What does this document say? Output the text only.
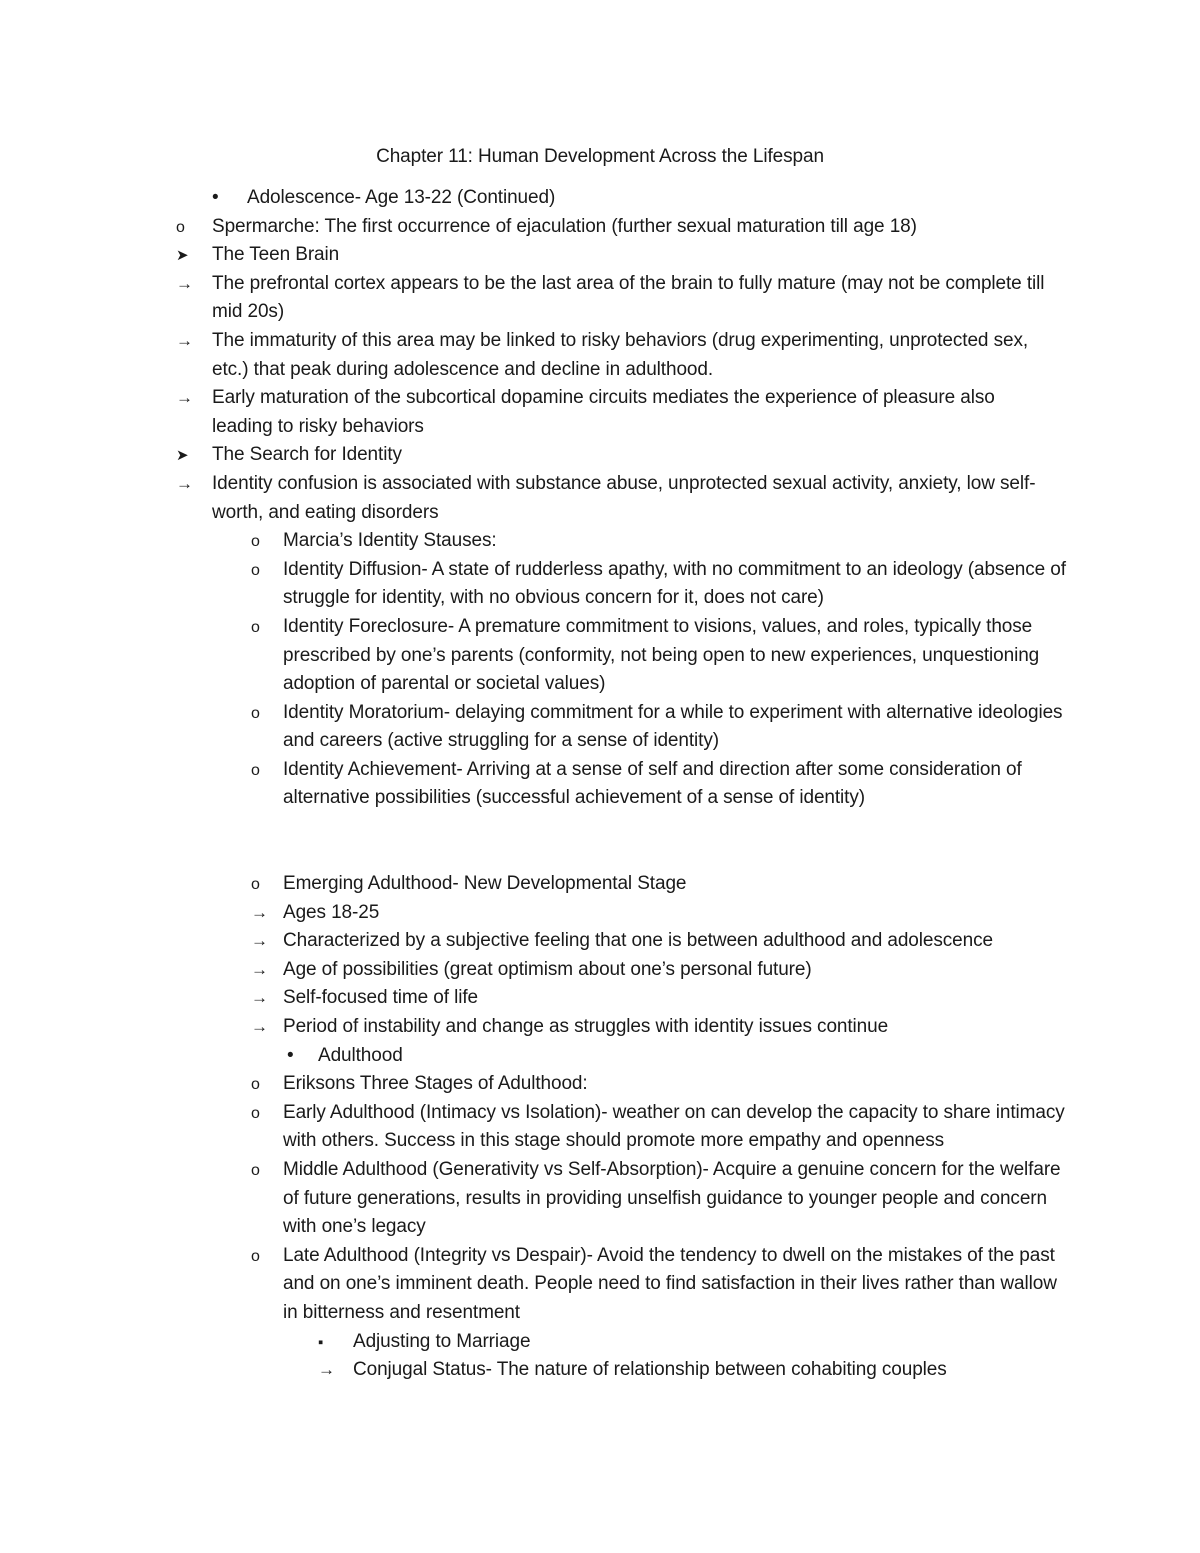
Chapter 11: Human Development Across the Lifespan
•
Adolescence- Age 13-22 (Continued)
o
Spermarche: The first occurrence of ejaculation (further sexual maturation till age 18)
➤
The Teen Brain
→
The prefrontal cortex appears to be the last area of the brain to fully mature (may not be complete till mid 20s)
→
The immaturity of this area may be linked to risky behaviors (drug experimenting, unprotected sex, etc.) that peak during adolescence and decline in adulthood.
→
Early maturation of the subcortical dopamine circuits mediates the experience of pleasure also leading to risky behaviors
➤
The Search for Identity
→
Identity confusion is associated with substance abuse, unprotected sexual activity, anxiety, low self-worth, and eating disorders
o
Marcia’s Identity Stauses:
o
Identity Diffusion- A state of rudderless apathy, with no commitment to an ideology (absence of struggle for identity, with no obvious concern for it, does not care)
o
Identity Foreclosure- A premature commitment to visions, values, and roles, typically those prescribed by one’s parents (conformity, not being open to new experiences, unquestioning adoption of parental or societal values)
o
Identity Moratorium- delaying commitment for a while to experiment with alternative ideologies and careers (active struggling for a sense of identity)
o
Identity Achievement- Arriving at a sense of self and direction after some consideration of alternative possibilities (successful achievement of a sense of identity)
o
Emerging Adulthood- New Developmental Stage
→
Ages 18-25
→
Characterized by a subjective feeling that one is between adulthood and adolescence
→
Age of possibilities (great optimism about one’s personal future)
→
Self-focused time of life
→
Period of instability and change as struggles with identity issues continue
•
Adulthood
o
Eriksons Three Stages of Adulthood:
o
Early Adulthood (Intimacy vs Isolation)- weather on can develop the capacity to share intimacy with others. Success in this stage should promote more empathy and openness
o
Middle Adulthood (Generativity vs Self-Absorption)- Acquire a genuine concern for the welfare of future generations, results in providing unselfish guidance to younger people and concern with one’s legacy
o
Late Adulthood (Integrity vs Despair)- Avoid the tendency to dwell on the mistakes of the past and on one’s imminent death. People need to find satisfaction in their lives rather than wallow in bitterness and resentment
▪
Adjusting to Marriage
→
Conjugal Status- The nature of relationship between cohabiting couples
